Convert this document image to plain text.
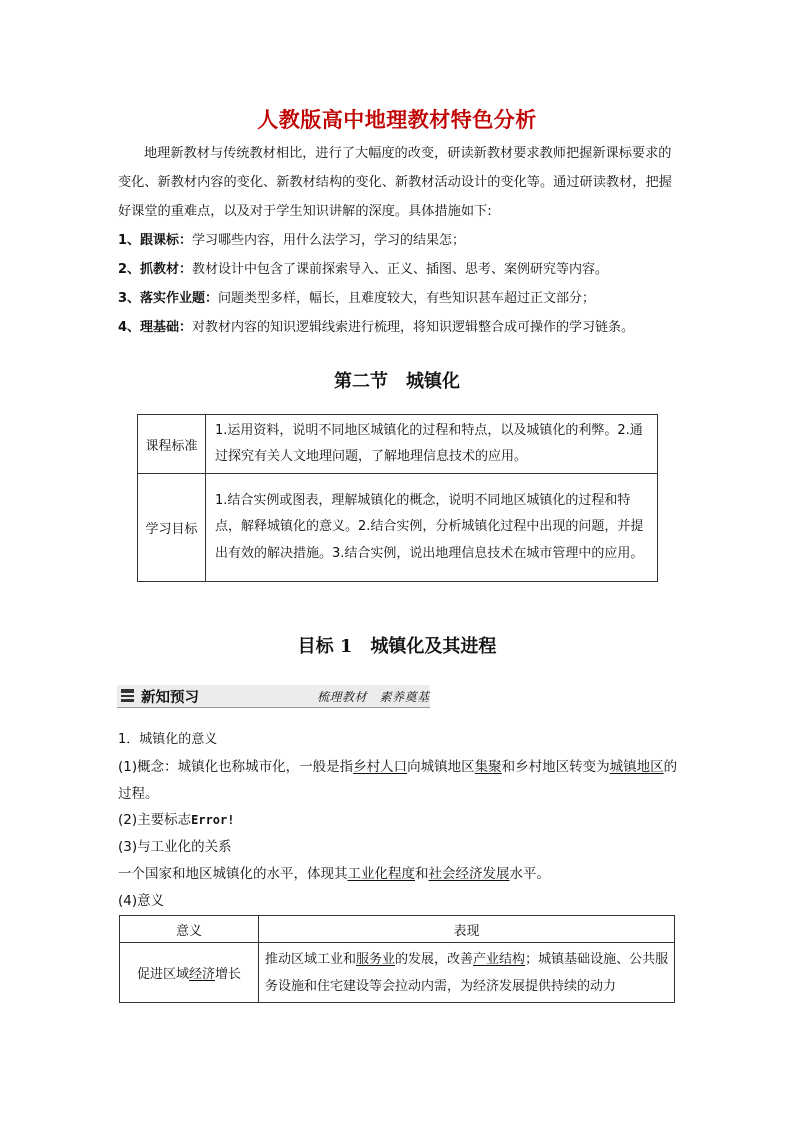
人教版高中地理教材特色分析
地理新教材与传统教材相比，进行了大幅度的改变，研读新教材要求教师把握新课标要求的变化、新教材内容的变化、新教材结构的变化、新教材活动设计的变化等。通过研读教材，把握好课堂的重难点，以及对于学生知识讲解的深度。具体措施如下:
1、跟课标：学习哪些内容，用什么法学习，学习的结果怎；
2、抓教材：教材设计中包含了课前探索导入、正义、插图、思考、案例研究等内容。
3、落实作业题：问题类型多样，幅长，且难度较大，有些知识甚车超过正文部分；
4、理基础：对教材内容的知识逻辑线索进行梳理，将知识逻辑整合成可操作的学习链条。
第二节　城镇化
课程标准	1.运用资料，说明不同地区城镇化的过程和特点，以及城镇化的利弊。2.通过探究有关人文地理问题，了解地理信息技术的应用。
学习目标	1.结合实例或图表，理解城镇化的概念，说明不同地区城镇化的过程和特点，解释城镇化的意义。2.结合实例，分析城镇化过程中出现的问题，并提出有效的解决措施。3.结合实例，说出地理信息技术在城市管理中的应用。
目标 1　城镇化及其进程
新知预习	梳理教材　素养奠基
1．城镇化的意义
(1)概念：城镇化也称城市化，一般是指乡村人口向城镇地区集聚和乡村地区转变为城镇地区的过程。
(2)主要标志Error!
(3)与工业化的关系
一个国家和地区城镇化的水平，体现其工业化程度和社会经济发展水平。
(4)意义
意义	表现
促进区域经济增长	推动区域工业和服务业的发展，改善产业结构；城镇基础设施、公共服务设施和住宅建设等会拉动内需，为经济发展提供持续的动力
